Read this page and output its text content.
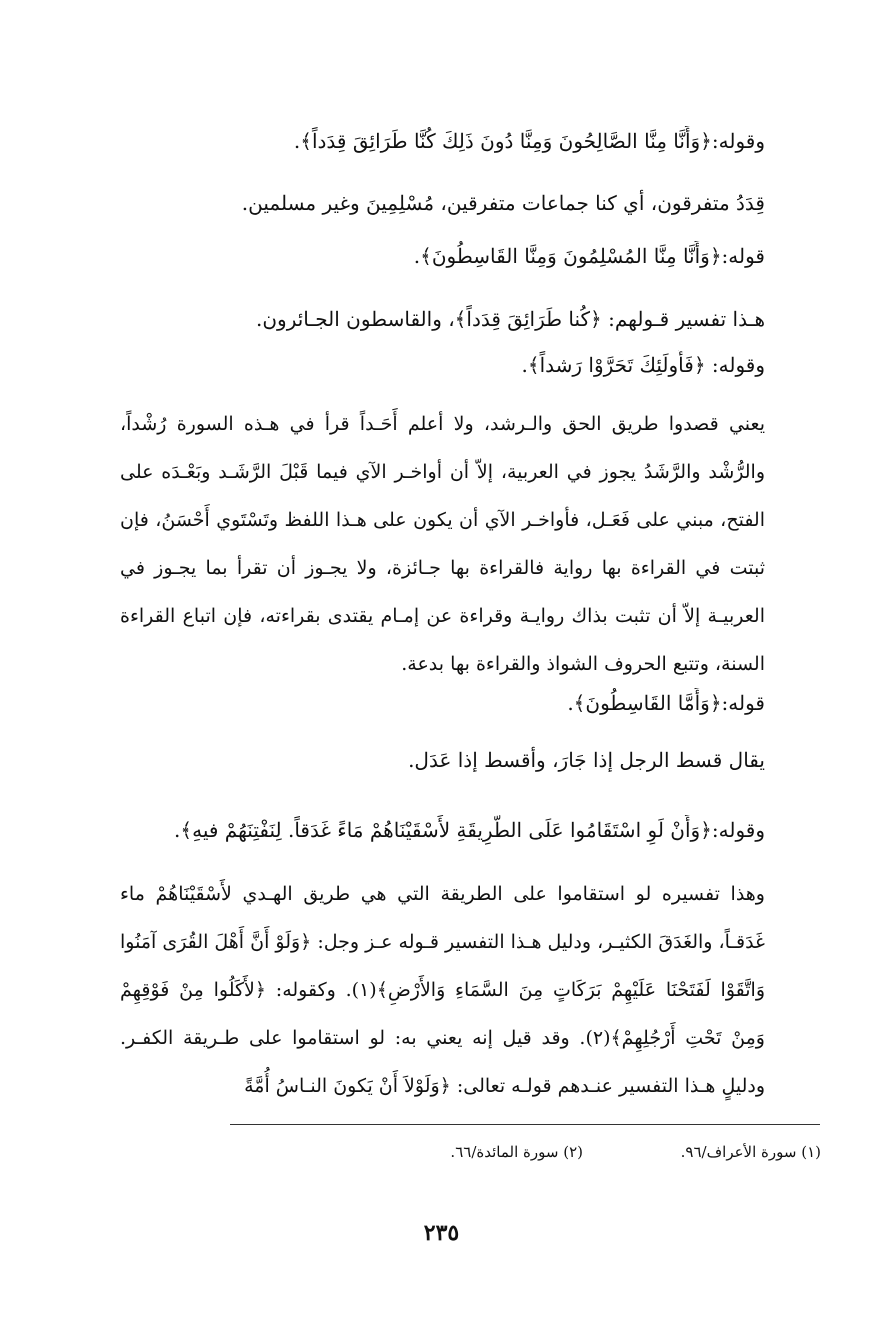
وقوله:﴿وَأَنَّا مِنَّا الصَّالِحُونَ وَمِنَّا دُونَ ذَلِكَ كُنَّا طَرَائِقَ قِدَداً﴾.
قِدَدُ متفرقون، أي كنا جماعات متفرقين، مُسْلِمِينَ وغير مسلمين.
قوله:﴿وَأَنَّا مِنَّا المُسْلِمُونَ وَمِنَّا القَاسِطُونَ﴾.
هـذا تفسير قـولهم: ﴿كُنا طَرَائِقَ قِدَداً﴾، والقاسطون الجـائرون.
وقوله: ﴿فَأُولَئِكَ تَحَرَّوْا رَشداً﴾.

يعني قصدوا طريق الحق والـرشد، ولا أعلم أَحَـداً قرأ في هـذه السورة رُشْداً، والرُّشْد والرَّشَدُ يجوز في العربية، إلاّ أن أواخـر الآي فيما قَبْلَ الرَّشَـد وبَعْـدَه على الفتح، مبني على فَعَـل، فأواخـر الآي أن يكون على هـذا اللفظ وتَسْتَوي أَحْسَنُ، فإن ثبتت في القراءة بها رواية فالقراءة بها جـائزة، ولا يجـوز أن تقرأ بما يجـوز في العربيـة إلاّ أن تثبت بذاك روايـة وقراءة عن إمـام يقتدى بقراءته، فإن اتباع القراءة السنة، وتتبع الحروف الشواذ والقراءة بها بدعة.

قوله:﴿وَأَمَّا القَاسِطُونَ﴾.
يقال قسط الرجل إذا جَارَ، وأقسط إذا عَدَل.
وقوله:﴿وَأَنْ لَوِ اسْتَقَامُوا عَلَى الطَّرِيقَةِ لأَسْقَيْنَاهُمْ مَاءً غَدَقاً. لِنَفْتِنَهُمْ فيهِ﴾.

وهذا تفسيره لو استقاموا على الطريقة التي هي طريق الهـدي لأَسْقَيْنَاهُمْ ماء غَدَقـاً، والغَدَقَ الكثيـر، ودليل هـذا التفسير قـوله عـز وجل: ﴿وَلَوْ أَنَّ أَهْلَ القُرَى آمَنُوا وَاتَّقَوْا لَفَتَحْنَا عَلَيْهِمْ بَرَكَاتٍ مِنَ السَّمَاءِ وَالأَرْضِ﴾(١). وكقوله: ﴿لأَكَلُوا مِنْ فَوْقِهِمْ وَمِنْ تَحْتِ أَرْجُلِهِمْ﴾(٢). وقد قيل إنه يعني به: لو استقاموا على طـريقة الكفـر. ودليلٍ هـذا التفسير عنـدهم قولـه تعالى: ﴿وَلَوْلاَ أَنْ يَكونَ النـاسُ أُمَّةً

(١) سورة الأعراف/٩٦.
(٢) سورة المائدة/٦٦.
٢٣٥
